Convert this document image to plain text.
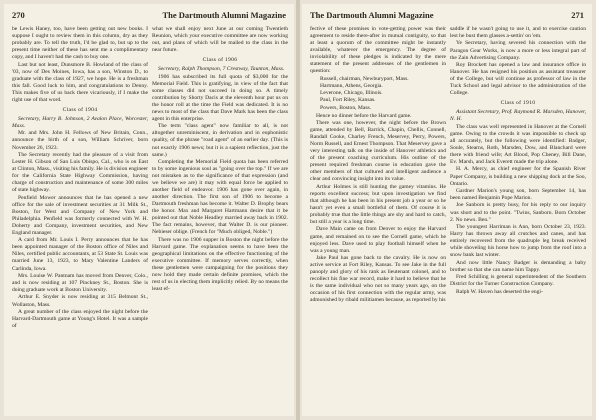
270	The Dartmouth Alumni Magazine

be Lewis Haney, too, have been getting out new books. I suppose I ought to review them in this column, dry as they probably are. To tell the truth, I'd be glad to, but up to the present time neither of these has sent me a complimentary copy, and I haven't had the cash to buy one.

Last but not least, Dunsmore B. Howland of the class of '03, now of Des Moines, Iowa, has a son, Winston D., to graduate with the class of 1927, we hope. He is a freshman this fall. Good luck to him, and congratulations to Denny. This makes five of us back there vicariously, if I make the right use of that word.

Class of 1904

Secretary, Harry B. Johnson, 2 Avalon Place, Worcester, Mass.

Mr. and Mrs. John H. Fellows of New Britain, Conn., announce the birth of a son, William Schriver, born November 26, 1923.

The Secretary recently had the pleasure of a visit from Lester H. Gibson of San Luis Obispo, Cal., who is on East at Clinton, Mass., visiting his family. He is division engineer for the California State Highway Commission, having charge of construction and maintenance of some 300 miles of state highway.

Penfield Mower announces that he has opened a new office for the sale of investment securities at 31 Milk St., Boston, for West and Company of New York and Philadelphia. Penfield was formerly connected with W. H. Doherty and Company, investment securities, and New England manager.

A card from Mr. Louis I. Perry announces that he has been appointed manager of the Boston office of Niles and Niles, certified public accountants, at 53 State St. Louis was married June 13, 1923, to Mary Valentine Landers of Carlinda, Iowa.

Mrs. Louise W. Pantnam has moved from Denver, Colo., and is now residing at 107 Pinckney St., Boston. She is doing graduate work at Boston University.

Arthur E. Snyder is now residing at 315 Belmont St., Wollaston, Mass.

A great number of the class enjoyed the night before the Harvard-Dartmouth game at Young's Hotel. It was a sample of

what we shall enjoy next June at our coming Twentieth Reunion, which your executive committee are now working out, and plans of which will be mailed to the class in the near future.

Class of 1906

Secretary, Ralph Thompson, 7 Crestway, Taunton, Mass.

1906 has subscribed its full quota of $3,000 for the Memorial Field. This is gratifying, in view of the fact that some classes did not succeed in doing so. A timely contribution by Shorty Dacis at the eleventh hour put us on the honor roll at the time the Field was dedicated. It is no news to most of the class that Dave Mark has been the class agent in this enterprise.

The term "class agent" now familiar to all, is not altogether unreminiscent, in derivation and in euphonistic quality, of the phrase "road agent" of an earlier day. (This is not exactly 1906 news; but it is a sapient reflection, just the same.)

Completing the Memorial Field quota has been referred to by some ingenious soul as "going over the top." If we are not mistaken as to the significance of that expression (and we believe we are) it may with equal force be applied to another field of endeavor. 1906 has gone over again, in another direction. The first son of 1906 to become a Dartmouth freshman has become it. Walter D. Brophy bears the honor. Max and Margaret Hartmann desire that it be pointed out that Noble Headley married away back in 1902. The fact remains, however, that Walter D. is our pioneer. Nebieser oblige. (French for "Much obliged, Noble.")

There was no 1906 supper in Boston the night before the Harvard game. The explanation seems to have been the geographical limitations on the effective functioning of the executive committee. If memory serves correctly, when these gentlemen were campaigning for the positions they now hold they made certain definite promises, which the rest of us in electing them implicitly relied. By no means the least ef-

The Dartmouth Alumni Magazine	271

fective of these promises in vote-getting power was their agreement to reside there-after in mutual contiguity, so that at least a quorum of the committee might be instantly available, whatever the emergency. The degree of inviolability of these pledges is indicated by the mere statement of the present addresses of the gentlemen in question:

Russell, chairman, Newburyport, Mass.
Hartmann, Athens, Georgia.
Leverone, Chicago, Illinois.
Paul, Fort Riley, Kansas.
Powers, Boston, Mass.

Hence no dinner before the Harvard game.

There was one, however, the night before the Brown game, attended by Bell, Barrick, Chapin, Chellis, Connell, Randall Cooke, Charley French, Meservey, Perry, Powers, Norm Russell, and Ernest Thompson. That Meservey gave a very interesting talk on the inside of Hanover athletics and of the present coaching curriculum. His outline of the present required freshman course in education gave the other members of that cultured and intelligent audience a clear and convincing insight into its value.

Arthur Holmes is still hunting the gamey vitamins. He reports excellent success; but upon investigation we find that although he has been in his present job a year or so he hasn't yet even a small bottleful of them. Of course it is probably true that the little things are shy and hard to catch, but still a year is a long time.

Dave Main came on from Denver to enjoy the Harvard game, and remained on to see the Cornell game, which he enjoyed less. Dave used to play football himself when he was a young man.

Jake Paul has gone back to the cavalry. He is now on active service at Fort Riley, Kansas. To see Jake in the full panoply and glory of his rank as lieutenant colonel, and to recollect his fine war record, make it hard to believe that he is the same individual who not so many years ago, on the occasion of his first connection with the regular army, was admonished by ribald militiamen because, as reported by his

saddle if he wasn't going to use it, and to exercise caution lest he bust them glasses a-settin' on 'em.

Ye Secretary, having severed his connection with the Paragon Gear Works, is now a more or less integral part of the Zain Advertising Company.

Roy Brockett has opened a law and insurance office in Hanover. He has resigned his position as assistant treasurer of the College, but will continue as professor of law in the Tuck School and legal advisor to the administration of the College.

Class of 1910

Assistant Secretary, Prof. Raymond R. Marsden, Hanover, N. H.

The class was well represented in Hanover at the Cornell game. Owing to the crowds it was impossible to check up all accurately, but the following were identified: Badger, Soule, Stearns, Roth, Marsden, Dow, and Blanchard were there with friend wife; Art Blood, Pop Cheney, Bill Dane, Ev. Marsh, and Jack Everett made the trip alone.

H. A. Mercy, as chief engineer for the Spanish River Paper Company, is building a new shipping dock at the Soo, Ontario.

Gardner Marion's young son, born September 14, has been named Benjamin Pope Marion.

Joe Sanborn is pretty busy, for his reply to our inquiry was short and to the point. "Twins, Sanborn. Born October 2. No news. Ben."

The youngest Harriman is Ann, born October 23, 1923. Harry has thrown away all crutches and canes, and has entirely recovered from the quadruple leg break received while shoveling his horse how to jump from the roof into a snow bank last winter.

And now little Nancy Badger is demanding a baby brother so that she can name him Tappy.

Fred Schilling is general superintendent of the Southern District for the Turner Construction Company.

Ralph W. Haven has deserted the engi-
